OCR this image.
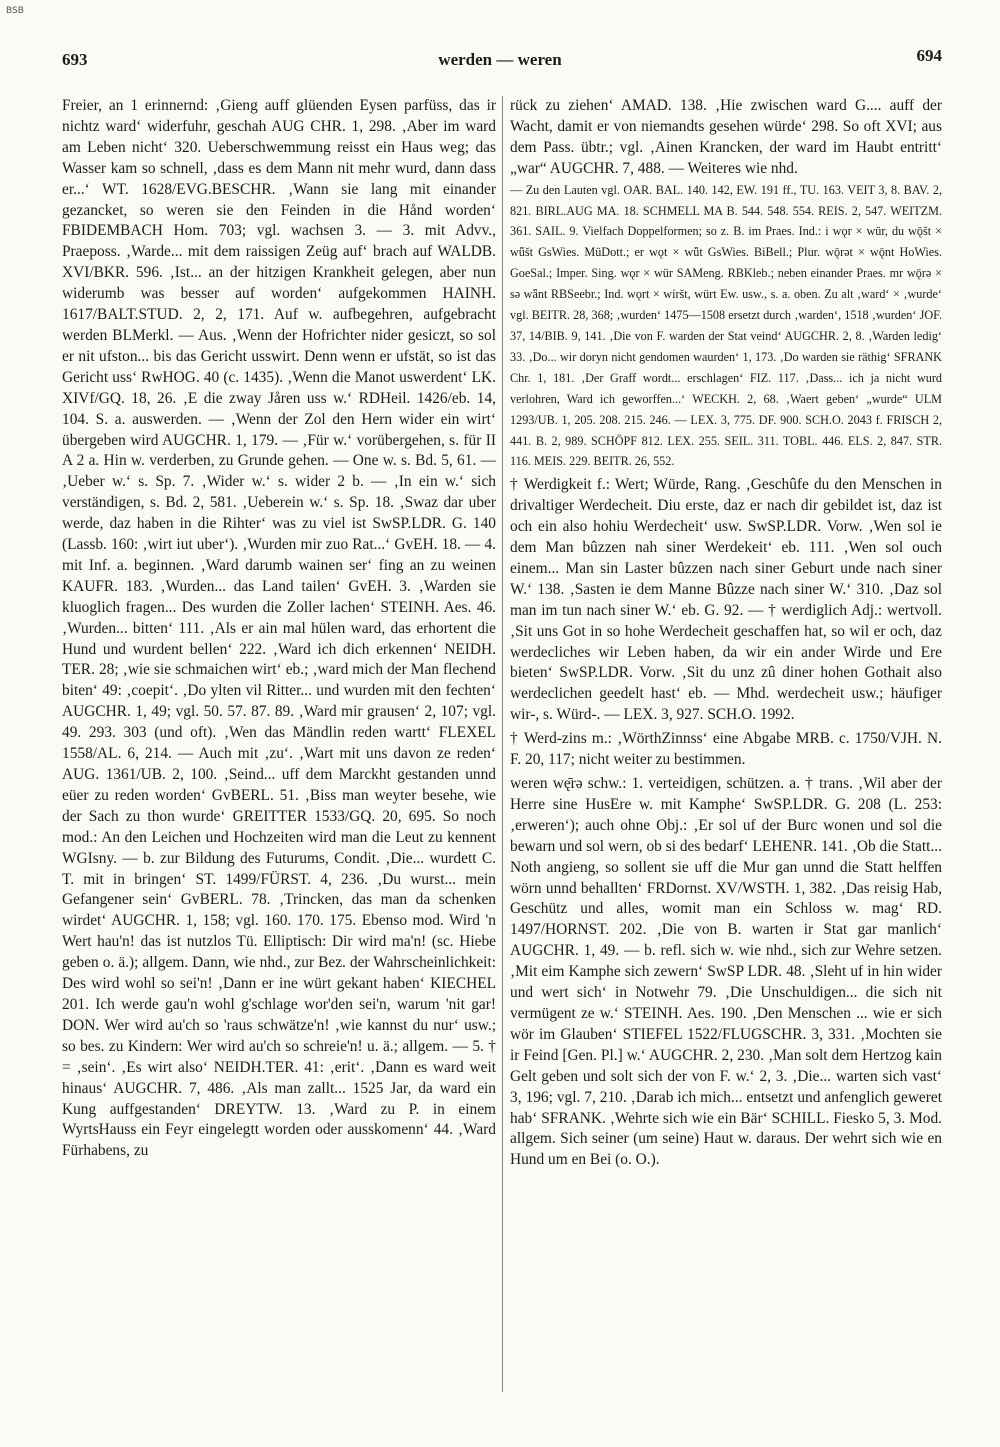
BSB
693	werden — weren	694

Freier, an 1 erinnernd: ‚Gieng auff glüenden Eysen parfüss, das ir nichtz ward‘ widerfuhr, geschah AUG CHR. 1, 298. ‚Aber im ward am Leben nicht‘ 320. Ueberschwemmung reisst ein Haus weg; das Wasser kam so schnell, ‚dass es dem Mann nit mehr wurd, dann dass er...‘ WT. 1628/EVG.BESCHR. ‚Wann sie lang mit einander gezancket, so weren sie den Feinden in die Hånd worden‘ FBIDEMBACH Hom. 703; vgl. wachsen 3. — 3. mit Advv., Praeposs. ‚Warde... mit dem raissigen Zeüg auf‘ brach auf WALDB. XVI/BKR. 596. ‚Ist... an der hitzigen Krankheit gelegen, aber nun widerumb was besser auf worden‘ aufgekommen HAINH. 1617/BALT.STUD. 2, 2, 171. Auf w. aufbegehren, aufgebracht werden BLMerkl. — Aus. ‚Wenn der Hofrichter nider gesiczt, so sol er nit ufston... bis das Gericht usswirt. Denn wenn er ufstät, so ist das Gericht uss‘ RwHOG. 40 (c. 1435). ‚Wenn die Manot uswerdent‘ LK. XIVf/GQ. 18, 26. ‚E die zway Jåren uss w.‘ RDHeil. 1426/eb. 14, 104. S. a. auswerden. — ‚Wenn der Zol den Hern wider ein wirt‘ übergeben wird AUGCHR. 1, 179. — ‚Für w.‘ vorübergehen, s. für II A 2 a. Hin w. verderben, zu Grunde gehen. — One w. s. Bd. 5, 61. — ‚Ueber w.‘ s. Sp. 7. ‚Wider w.‘ s. wider 2 b. — ‚In ein w.‘ sich verständigen, s. Bd. 2, 581. ‚Ueberein w.‘ s. Sp. 18. ‚Swaz dar uber werde, daz haben in die Rihter‘ was zu viel ist SwSP.LDR. G. 140 (Lassb. 160: ‚wirt iut uber‘). ‚Wurden mir zuo Rat...‘ GvEH. 18. — 4. mit Inf. a. beginnen. ‚Ward darumb wainen ser‘ fing an zu weinen KAUFR. 183. ‚Wurden... das Land tailen‘ GvEH. 3. ‚Warden sie kluoglich fragen... Des wurden die Zoller lachen‘ STEINH. Aes. 46. ‚Wurden... bitten‘ 111. ‚Als er ain mal hülen ward, das erhortent die Hund und wurdent bellen‘ 222. ‚Ward ich dich erkennen‘ NEIDH. TER. 28; ‚wie sie schmaichen wirt‘ eb.; ‚ward mich der Man flechend biten‘ 49: ‚coepit‘. ‚Do ylten vil Ritter... und wurden mit den fechten‘ AUGCHR. 1, 49; vgl. 50. 57. 87. 89. ‚Ward mir grausen‘ 2, 107; vgl. 49. 293. 303 (und oft). ‚Wen das Mändlin reden wartt‘ FLEXEL 1558/AL. 6, 214. — Auch mit ‚zu‘. ‚Wart mit uns davon ze reden‘ AUG. 1361/UB. 2, 100. ‚Seind... uff dem Marckht gestanden unnd eüer zu reden worden‘ GvBERL. 51. ‚Biss man weyter besehe, wie der Sach zu thon wurde‘ GREITTER 1533/GQ. 20, 695. So noch mod.: An den Leichen und Hochzeiten wird man die Leut zu kennent WGIsny. — b. zur Bildung des Futurums, Condit. ‚Die... wurdett C. T. mit in bringen‘ ST. 1499/FÜRST. 4, 236. ‚Du wurst... mein Gefangener sein‘ GvBERL. 78. ‚Trincken, das man da schenken wirdet‘ AUGCHR. 1, 158; vgl. 160. 170. 175. Ebenso mod. Wird 'n Wert hau'n! das ist nutzlos Tü. Elliptisch: Dir wird ma'n! (sc. Hiebe geben o. ä.); allgem. Dann, wie nhd., zur Bez. der Wahrscheinlichkeit: Des wird wohl so sei'n! ‚Dann er ine würt gekant haben‘ KIECHEL 201. Ich werde gau'n wohl g'schlage wor'den sei'n, warum 'nit gar! DON. Wer wird au'ch so 'raus schwätze'n! ‚wie kannst du nur‘ usw.; so bes. zu Kindern: Wer wird au'ch so schreie'n! u. ä.; allgem. — 5. † = ‚sein‘. ‚Es wirt also‘ NEIDH.TER. 41: ‚erit‘. ‚Dann es ward weit hinaus‘ AUGCHR. 7, 486. ‚Als man zallt... 1525 Jar, da ward ein Kung auffgestanden‘ DREYTW. 13. ‚Ward zu P. in einem WyrtsHauss ein Feyr eingelegtt worden oder ausskomenn‘ 44. ‚Ward Fürhabens, zu

rück zu ziehen‘ AMAD. 138. ‚Hie zwischen ward G.... auff der Wacht, damit er von niemandts gesehen würde‘ 298. So oft XVI; aus dem Pass. übtr.; vgl. ‚Ainen Krancken, der ward im Haubt entritt‘ „war“ AUGCHR. 7, 488. — Weiteres wie nhd.

— Zu den Lauten vgl. OAR. BAL. 140. 142, EW. 191 ff., TU. 163. VEIT 3, 8. BAV. 2, 821. BIRL.AUG MA. 18. SCHMELL MA B. 544. 548. 554. REIS. 2, 547. WEITZM. 361. SAIL. 9. Vielfach Doppelformen; so z. B. im Praes. Ind.: i wǫr × wür, du wǭšt × wǖšt GsWies. MüDott.; er wǫt × wǖt GsWies. BiBell.; Plur. wǭrət × wǭnt HoWies. GoeSal.; Imper. Sing. wǫr × wür SAMeng. RBKleb.; neben einander Praes. mr wǭrə × sə wǟnt RBSeebr.; Ind. wǫrt × wíršt, würt Ew. usw., s. a. oben. Zu alt ‚ward‘ × ‚wurde‘ vgl. BEITR. 28, 368; ‚wurden‘ 1475—1508 ersetzt durch ‚warden‘, 1518 ‚wurden‘ JOF. 37, 14/BIB. 9, 141. ‚Die von F. warden der Stat veind‘ AUGCHR. 2, 8. ‚Warden ledig‘ 33. ‚Do... wir doryn nicht gendomen waurden‘ 1, 173. ‚Do warden sie räthig‘ SFRANK Chr. 1, 181. ‚Der Graff wordt... erschlagen‘ FIZ. 117. ‚Dass... ich ja nicht wurd verlohren, Ward ich geworffen...‘ WECKH. 2, 68. ‚Waert geben‘ „wurde“ ULM 1293/UB. 1, 205. 208. 215. 246. — LEX. 3, 775. DF. 900. SCH.O. 2043 f. FRISCH 2, 441. B. 2, 989. SCHÖPF 812. LEX. 255. SEIL. 311. TOBL. 446. ELS. 2, 847. STR. 116. MEIS. 229. BEITR. 26, 552.

† Werdigkeit f.: Wert; Würde, Rang. ‚Geschûfe du den Menschen in drivaltiger Werdecheit. Diu erste, daz er nach dir gebildet ist, daz ist och ein also hohiu Werdecheit‘ usw. SwSP.LDR. Vorw. ‚Wen sol ie dem Man bûzzen nah siner Werdekeit‘ eb. 111. ‚Wen sol ouch einem... Man sin Laster bûzzen nach siner Geburt unde nach siner W.‘ 138. ‚Sasten ie dem Manne Bûzze nach siner W.‘ 310. ‚Daz sol man im tun nach siner W.‘ eb. G. 92. — † werdiglich Adj.: wertvoll. ‚Sit uns Got in so hohe Werdecheit geschaffen hat, so wil er och, daz werdecliches wir Leben haben, da wir ein ander Wirde und Ere bieten‘ SwSP.LDR. Vorw. ‚Sit du unz zû diner hohen Gothait also werdeclichen geedelt hast‘ eb. — Mhd. werdecheit usw.; häufiger wir-, s. Würd-. — LEX. 3, 927. SCH.O. 1992.

† Werd-zins m.: ‚WörthZinnss‘ eine Abgabe MRB. c. 1750/VJH. N. F. 20, 117; nicht weiter zu bestimmen.

weren wę̄rə schw.: 1. verteidigen, schützen. a. † trans. ‚Wil aber der Herre sine HusEre w. mit Kamphe‘ SwSP.LDR. G. 208 (L. 253: ‚erweren‘); auch ohne Obj.: ‚Er sol uf der Burc wonen und sol die bewarn und sol wern, ob si des bedarf‘ LEHENR. 141. ‚Ob die Statt... Noth angieng, so sollent sie uff die Mur gan unnd die Statt helffen wörn unnd behallten‘ FRDornst. XV/WSTH. 1, 382. ‚Das reisig Hab, Geschütz und alles, womit man ein Schloss w. mag‘ RD. 1497/HORNST. 202. ‚Die von B. warten ir Stat gar manlich‘ AUGCHR. 1, 49. — b. refl. sich w. wie nhd., sich zur Wehre setzen. ‚Mit eim Kamphe sich zewern‘ SwSP LDR. 48. ‚Sleht uf in hin wider und wert sich‘ in Notwehr 79. ‚Die Unschuldigen... die sich nit vermügent ze w.‘ STEINH. Aes. 190. ‚Den Menschen ... wie er sich wör im Glauben‘ STIEFEL 1522/FLUGSCHR. 3, 331. ‚Mochten sie ir Feind [Gen. Pl.] w.‘ AUGCHR. 2, 230. ‚Man solt dem Hertzog kain Gelt geben und solt sich der von F. w.‘ 2, 3. ‚Die... warten sich vast‘ 3, 196; vgl. 7, 210. ‚Darab ich mich... entsetzt und anfenglich geweret hab‘ SFRANK. ‚Wehrte sich wie ein Bär‘ SCHILL. Fiesko 5, 3. Mod. allgem. Sich seiner (um seine) Haut w. daraus. Der wehrt sich wie en Hund um en Bei (o. O.).
